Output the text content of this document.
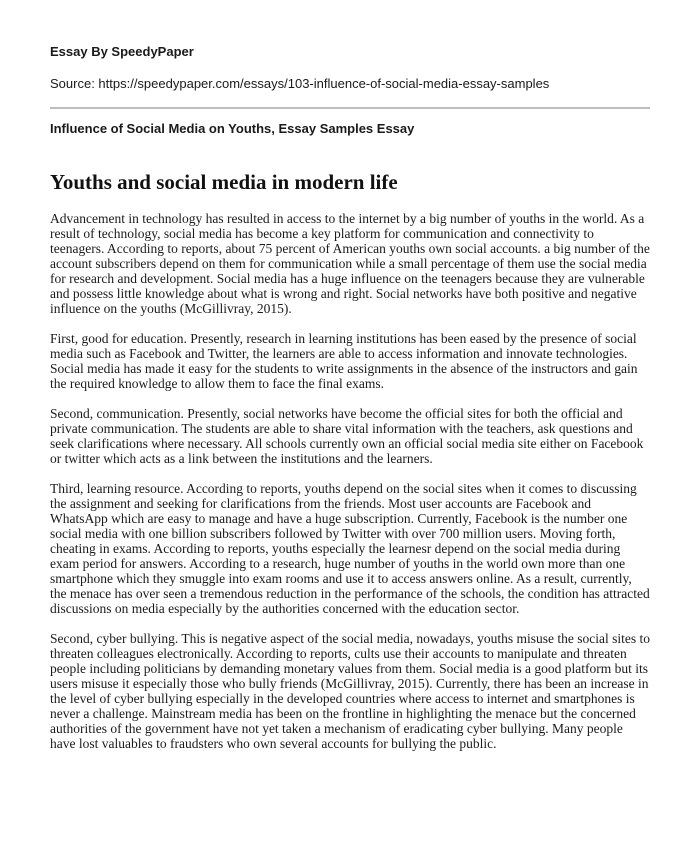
Essay By SpeedyPaper
Source: https://speedypaper.com/essays/103-influence-of-social-media-essay-samples
Influence of Social Media on Youths, Essay Samples Essay
Youths and social media in modern life

Advancement in technology has resulted in access to the internet by a big number of youths in the world. As a result of technology, social media has become a key platform for communication and connectivity to teenagers. According to reports, about 75 percent of American youths own social accounts. a big number of the account subscribers depend on them for communication while a small percentage of them use the social media for research and development. Social media has a huge influence on the teenagers because they are vulnerable and possess little knowledge about what is wrong and right. Social networks have both positive and negative influence on the youths (McGillivray, 2015).

First, good for education. Presently, research in learning institutions has been eased by the presence of social media such as Facebook and Twitter, the learners are able to access information and innovate technologies. Social media has made it easy for the students to write assignments in the absence of the instructors and gain the required knowledge to allow them to face the final exams.

Second, communication. Presently, social networks have become the official sites for both the official and private communication. The students are able to share vital information with the teachers, ask questions and seek clarifications where necessary. All schools currently own an official social media site either on Facebook or twitter which acts as a link between the institutions and the learners.

Third, learning resource. According to reports, youths depend on the social sites when it comes to discussing the assignment and seeking for clarifications from the friends. Most user accounts are Facebook and WhatsApp which are easy to manage and have a huge subscription. Currently, Facebook is the number one social media with one billion subscribers followed by Twitter with over 700 million users. Moving forth, cheating in exams. According to reports, youths especially the learnesr depend on the social media during exam period for answers. According to a research, huge number of youths in the world own more than one smartphone which they smuggle into exam rooms and use it to access answers online. As a result, currently, the menace has over seen a tremendous reduction in the performance of the schools, the condition has attracted discussions on media especially by the authorities concerned with the education sector.

Second, cyber bullying. This is negative aspect of the social media, nowadays, youths misuse the social sites to threaten colleagues electronically. According to reports, cults use their accounts to manipulate and threaten people including politicians by demanding monetary values from them. Social media is a good platform but its users misuse it especially those who bully friends (McGillivray, 2015). Currently, there has been an increase in the level of cyber bullying especially in the developed countries where access to internet and smartphones is never a challenge. Mainstream media has been on the frontline in highlighting the menace but the concerned authorities of the government have not yet taken a mechanism of eradicating cyber bullying. Many people have lost valuables to fraudsters who own several accounts for bullying the public.
